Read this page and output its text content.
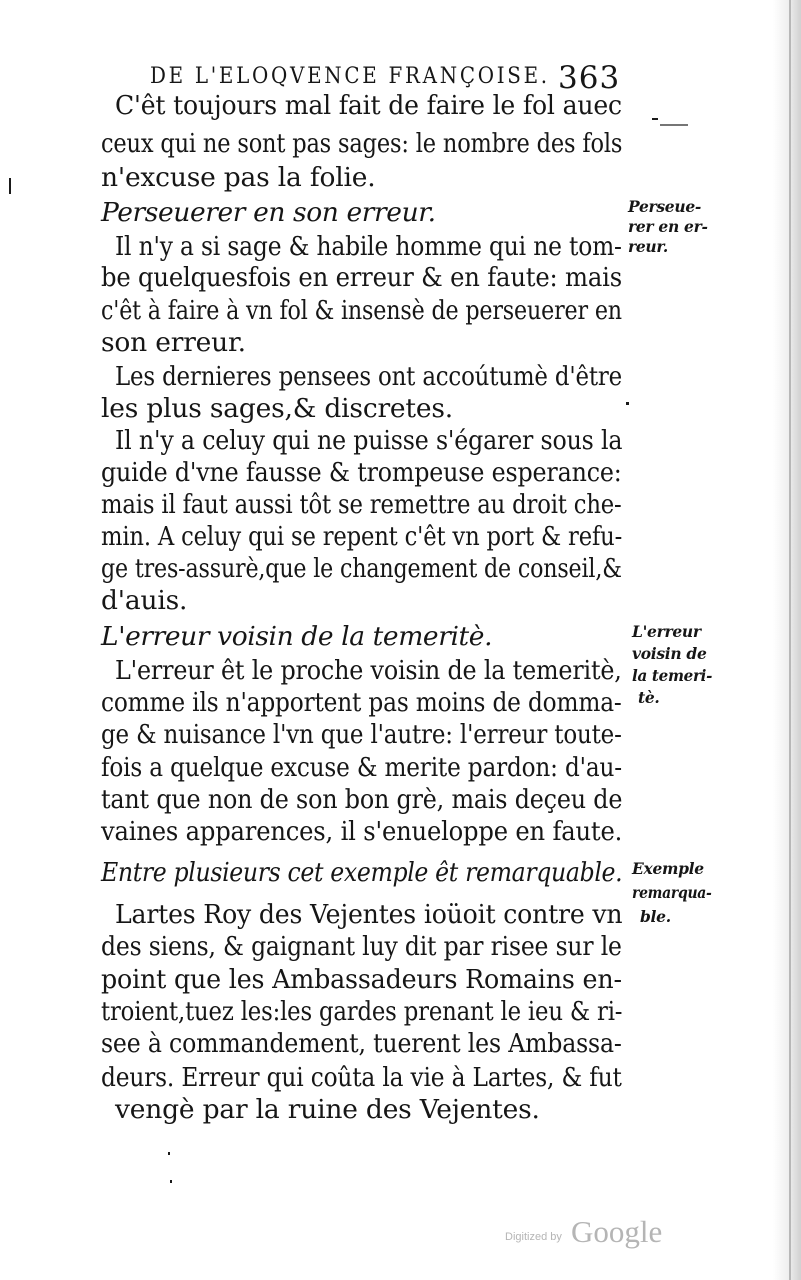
DE L'ELOQVENCE FRANÇOISE. 363
C'êt toujours mal fait de faire le fol auec
ceux qui ne sont pas sages: le nombre des fols
n'excuse pas la folie.
Perseuerer en son erreur.
Il n'y a si sage & habile homme qui ne tom-
be quelquesfois en erreur & en faute: mais
c'êt à faire à vn fol & insensè de perseuerer en
son erreur.
Les dernieres pensees ont accoútumè d'être
les plus sages,& discretes.
Il n'y a celuy qui ne puisse s'égarer sous la
guide d'vne fausse & trompeuse esperance:
mais il faut aussi tôt se remettre au droit che-
min. A celuy qui se repent c'êt vn port & refu-
ge tres-assurè,que le changement de conseil,&
d'auis.
L'erreur voisin de la temeritè.
L'erreur êt le proche voisin de la temeritè,
comme ils n'apportent pas moins de domma-
ge & nuisance l'vn que l'autre: l'erreur toute-
fois a quelque excuse & merite pardon: d'au-
tant que non de son bon grè, mais deçeu de
vaines apparences, il s'enueloppe en faute.
Entre plusieurs cet exemple êt remarquable.
Lartes Roy des Vejentes ioüoit contre vn
des siens, & gaignant luy dit par risee sur le
point que les Ambassadeurs Romains en-
troient,tuez les:les gardes prenant le ieu & ri-
see à commandement, tuerent les Ambassa-
deurs. Erreur qui coûta la vie à Lartes, & fut
vengè par la ruine des Vejentes.
Perseue-
rer en er-
reur.
L'erreur
voisin de
la temeri-
tè.
Exemple
remarqua-
ble.
Digitized by Google
